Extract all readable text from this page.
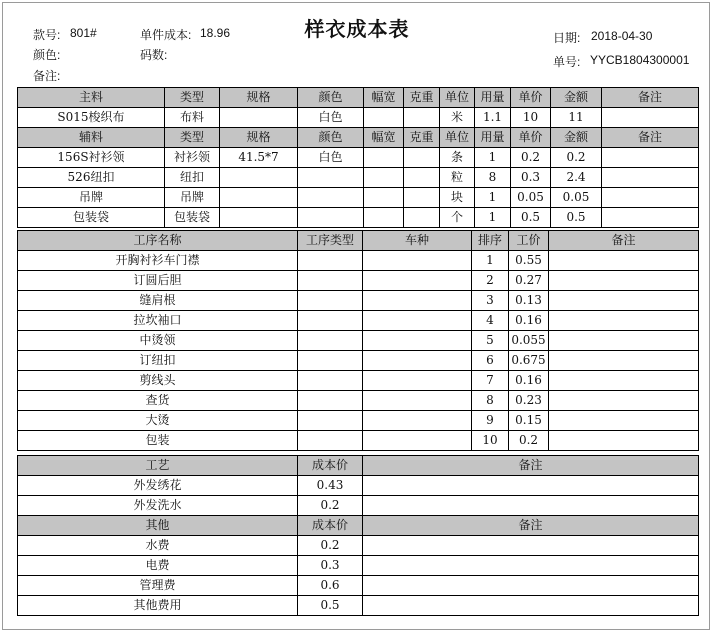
样衣成本表
款号: 801#	单件成本: 18.96
颜色:	码数:
备注:
日期: 2018-04-30
单号: YYCB1804300001
主料	类型	规格	颜色	幅宽	克重	单位	用量	单价	金额	备注
S015梭织布	布料		白色			米	1.1	10	11	
辅料	类型	规格	颜色	幅宽	克重	单位	用量	单价	金额	备注
156S衬衫领	衬衫领	41.5*7	白色			条	1	0.2	0.2	
526纽扣	纽扣					粒	8	0.3	2.4	
吊牌	吊牌					块	1	0.05	0.05	
包装袋	包装袋					个	1	0.5	0.5	
工序名称	工序类型	车种	排序	工价	备注
开胸衬衫车门襟			1	0.55	
订圆后胆			2	0.27	
缝肩根			3	0.13	
拉坎袖口			4	0.16	
中烫领			5	0.055	
订纽扣			6	0.675	
剪线头			7	0.16	
查货			8	0.23	
大烫			9	0.15	
包装			10	0.2	
工艺	成本价	备注
外发绣花	0.43	
外发洗水	0.2	
其他	成本价	备注
水费	0.2	
电费	0.3	
管理费	0.6	
其他费用	0.5	
